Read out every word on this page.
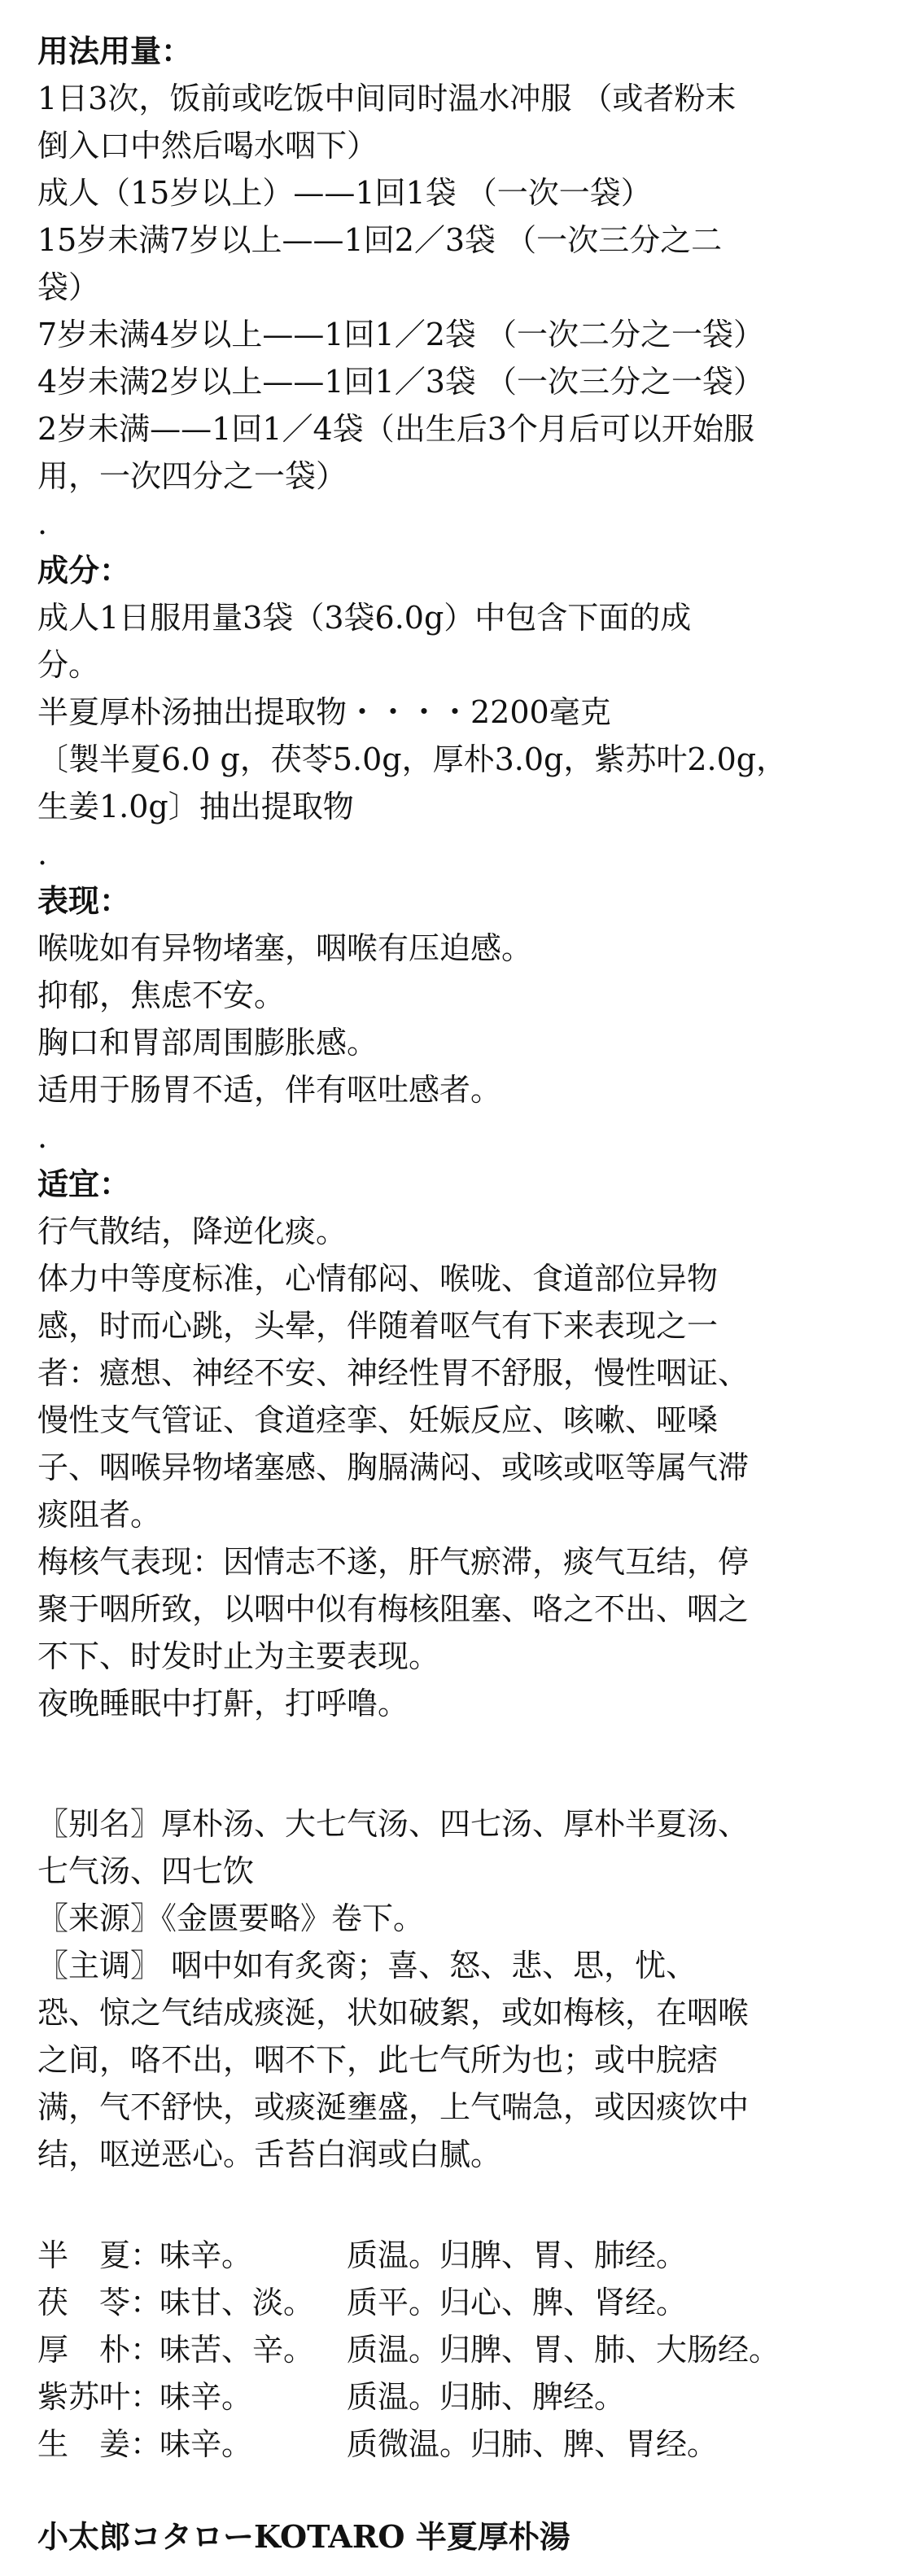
用法用量：
1日3次，饭前或吃饭中间同时温水冲服 （或者粉末
倒入口中然后喝水咽下）
成人（15岁以上）——1回1袋 （一次一袋）
15岁未满7岁以上——1回2／3袋 （一次三分之二
袋）
7岁未满4岁以上——1回1／2袋 （一次二分之一袋）
4岁未满2岁以上——1回1／3袋 （一次三分之一袋）
2岁未满——1回1／4袋（出生后3个月后可以开始服
用，一次四分之一袋）
.
成分：
成人1日服用量3袋（3袋6.0g）中包含下面的成
分。
半夏厚朴汤抽出提取物・・・・2200毫克
〔製半夏6.0 g，茯苓5.0g，厚朴3.0g，紫苏叶2.0g，
生姜1.0g〕抽出提取物
.
表现：
喉咙如有异物堵塞，咽喉有压迫感。
抑郁，焦虑不安。
胸口和胃部周围膨胀感。
适用于肠胃不适，伴有呕吐感者。
.
适宜：
行气散结，降逆化痰。
体力中等度标准，心情郁闷、喉咙、食道部位异物
感，时而心跳，头晕，伴随着呕气有下来表现之一
者：癔想、神经不安、神经性胃不舒服，慢性咽证、
慢性支气管证、食道痉挛、妊娠反应、咳嗽、哑嗓
子、咽喉异物堵塞感、胸膈满闷、或咳或呕等属气滞
痰阻者。
梅核气表现：因情志不遂，肝气瘀滞，痰气互结，停
聚于咽所致，以咽中似有梅核阻塞、咯之不出、咽之
不下、时发时止为主要表现。
夜晚睡眠中打鼾，打呼噜。
〖别名〗厚朴汤、大七气汤、四七汤、厚朴半夏汤、
七气汤、四七饮
〖来源〗《金匮要略》卷下。
〖主调〗 咽中如有炙脔；喜、怒、悲、思，忧、
恐、惊之气结成痰涎，状如破絮，或如梅核，在咽喉
之间，咯不出，咽不下，此七气所为也；或中脘痞
满，气不舒快，或痰涎壅盛，上气喘急，或因痰饮中
结，呕逆恶心。舌苔白润或白腻。
半　夏：
味辛。	质温。归脾、胃、肺经。
茯　苓：
味甘、淡。	质平。归心、脾、肾经。
厚　朴：
味苦、辛。	质温。归脾、胃、肺、大肠经。
紫苏叶：
味辛。	质温。归肺、脾经。
生　姜：
味辛。	质微温。归肺、脾、胃经。
小太郎コタローKOTARO 半夏厚朴湯
